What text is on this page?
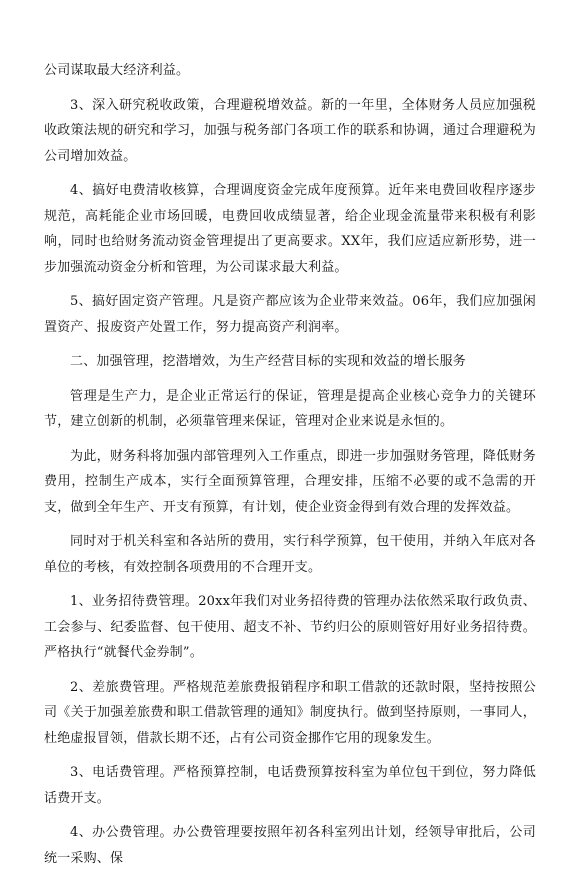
公司谋取最大经济利益。

3、深入研究税收政策，合理避税增效益。新的一年里，全体财务人员应加强税收政策法规的研究和学习，加强与税务部门各项工作的联系和协调，通过合理避税为公司增加效益。

4、搞好电费清收核算，合理调度资金完成年度预算。近年来电费回收程序逐步规范，高耗能企业市场回暖，电费回收成绩显著，给企业现金流量带来积极有利影响，同时也给财务流动资金管理提出了更高要求。XX年，我们应适应新形势，进一步加强流动资金分析和管理，为公司谋求最大利益。

5、搞好固定资产管理。凡是资产都应该为企业带来效益。06年，我们应加强闲置资产、报废资产处置工作，努力提高资产利润率。

二、加强管理，挖潜增效，为生产经营目标的实现和效益的增长服务

管理是生产力，是企业正常运行的保证，管理是提高企业核心竞争力的关键环节，建立创新的机制，必须靠管理来保证，管理对企业来说是永恒的。

为此，财务科将加强内部管理列入工作重点，即进一步加强财务管理，降低财务费用，控制生产成本，实行全面预算管理，合理安排，压缩不必要的或不急需的开支，做到全年生产、开支有预算，有计划，使企业资金得到有效合理的发挥效益。

同时对于机关科室和各站所的费用，实行科学预算，包干使用，并纳入年底对各单位的考核，有效控制各项费用的不合理开支。

1、业务招待费管理。20xx年我们对业务招待费的管理办法依然采取行政负责、工会参与、纪委监督、包干使用、超支不补、节约归公的原则管好用好业务招待费。严格执行“就餐代金券制”。

2、差旅费管理。严格规范差旅费报销程序和职工借款的还款时限，坚持按照公司《关于加强差旅费和职工借款管理的通知》制度执行。做到坚持原则，一事同人，杜绝虚报冒领，借款长期不还，占有公司资金挪作它用的现象发生。

3、电话费管理。严格预算控制，电话费预算按科室为单位包干到位，努力降低话费开支。

4、办公费管理。办公费管理要按照年初各科室列出计划，经领导审批后，公司统一采购、保
